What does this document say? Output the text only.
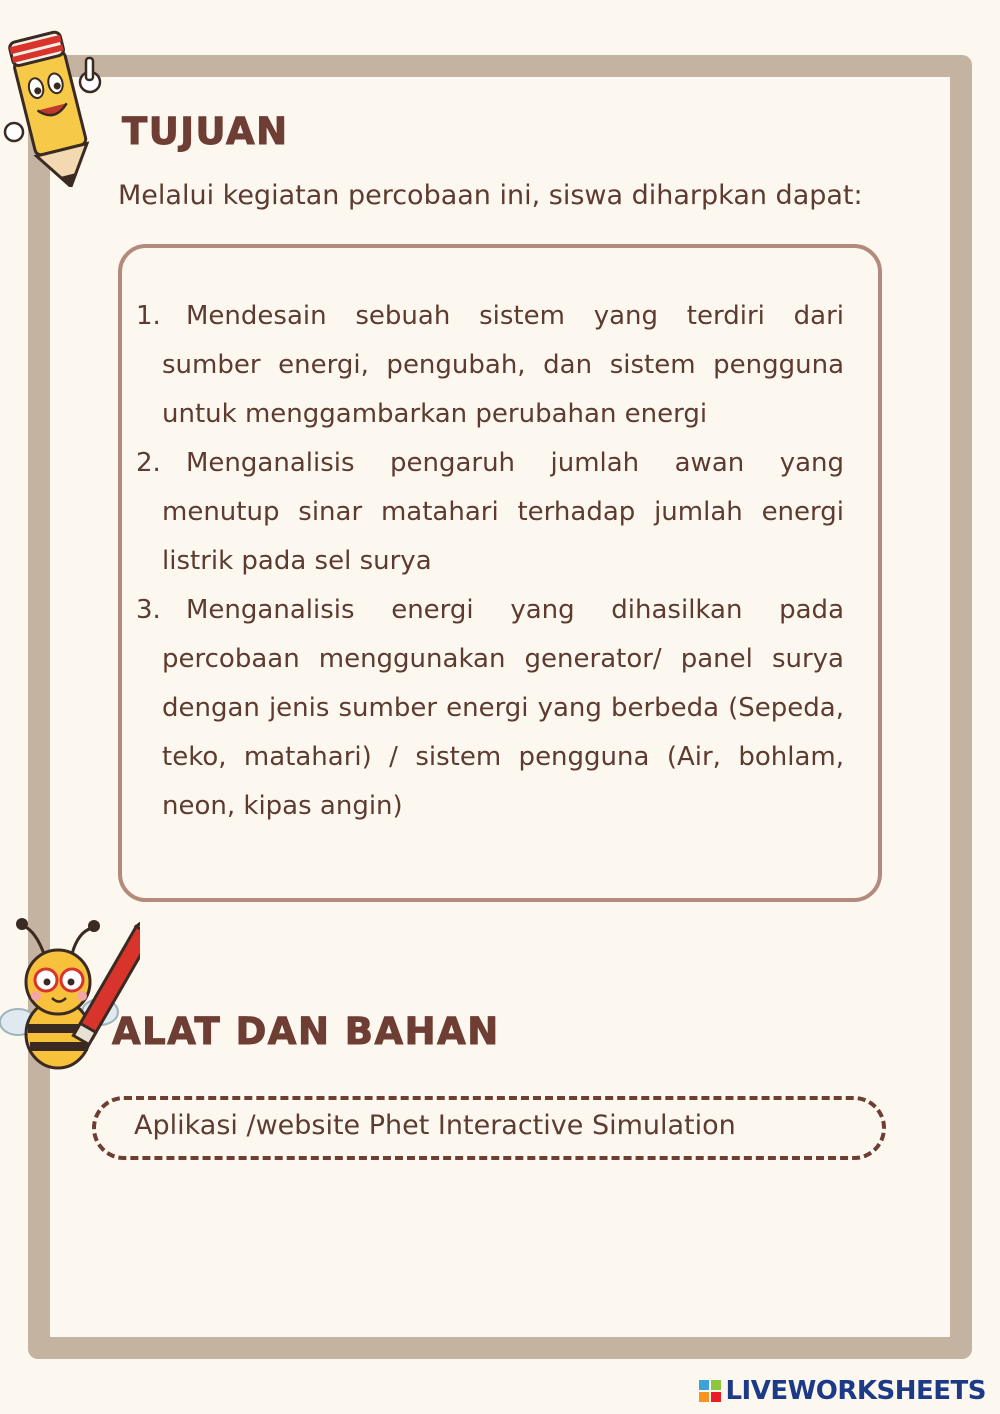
TUJUAN

Melalui kegiatan percobaan ini, siswa diharpkan dapat:

1. Mendesain sebuah sistem yang terdiri dari sumber energi, pengubah, dan sistem pengguna untuk menggambarkan perubahan energi
2. Menganalisis pengaruh jumlah awan yang menutup sinar matahari terhadap jumlah energi listrik pada sel surya
3. Menganalisis energi yang dihasilkan pada percobaan menggunakan generator/ panel surya dengan jenis sumber energi yang berbeda (Sepeda, teko, matahari) / sistem pengguna (Air, bohlam, neon, kipas angin)
ALAT DAN BAHAN
Aplikasi /website Phet Interactive Simulation
LIVEWORKSHEETS
